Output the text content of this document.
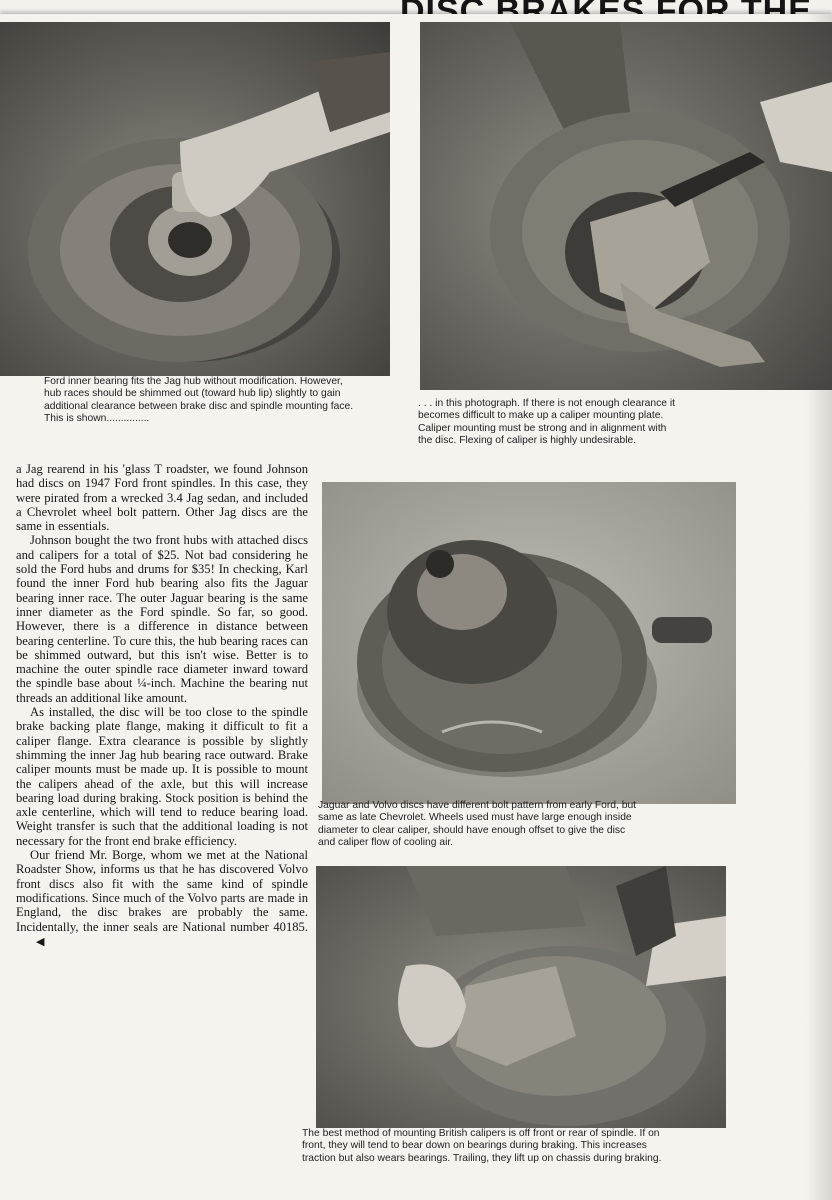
Ford inner bearing fits the Jag hub without modification. However, hub races should be shimmed out (toward hub lip) slightly to gain additional clearance between brake disc and spindle mounting face. This is shown...............
. . . in this photograph. If there is not enough clearance it becomes difficult to make up a caliper mounting plate. Caliper mounting must be strong and in alignment with the disc. Flexing of caliper is highly undesirable.
Jaguar and Volvo discs have different bolt pattern from early Ford, but same as late Chevrolet. Wheels used must have large enough inside diameter to clear caliper, should have enough offset to give the disc and caliper flow of cooling air.
The best method of mounting British calipers is off front or rear of spindle. If on front, they will tend to bear down on bearings during braking. This increases traction but also wears bearings. Trailing, they lift up on chassis during braking.

a Jag rearend in his 'glass T roadster, we found Johnson had discs on 1947 Ford front spindles. In this case, they were pirated from a wrecked 3.4 Jag sedan, and included a Chevrolet wheel bolt pattern. Other Jag discs are the same in essentials.

Johnson bought the two front hubs with attached discs and calipers for a total of $25. Not bad considering he sold the Ford hubs and drums for $35! In checking, Karl found the inner Ford hub bearing also fits the Jaguar bearing inner race. The outer Jaguar bearing is the same inner diameter as the Ford spindle. So far, so good. However, there is a difference in distance between bearing centerline. To cure this, the hub bearing races can be shimmed outward, but this isn't wise. Better is to machine the outer spindle race diameter inward toward the spindle base about ¼-inch. Machine the bearing nut threads an additional like amount.

As installed, the disc will be too close to the spindle brake backing plate flange, making it difficult to fit a caliper flange. Extra clearance is possible by slightly shimming the inner Jag hub bearing race outward. Brake caliper mounts must be made up. It is possible to mount the calipers ahead of the axle, but this will increase bearing load during braking. Stock position is behind the axle centerline, which will tend to reduce bearing load. Weight transfer is such that the additional loading is not necessary for the front end brake efficiency.

Our friend Mr. Borge, whom we met at the National Roadster Show, informs us that he has discovered Volvo front discs also fit with the same kind of spindle modifications. Since much of the Volvo parts are made in England, the disc brakes are probably the same. Incidentally, the inner seals are National number 40185.◀
